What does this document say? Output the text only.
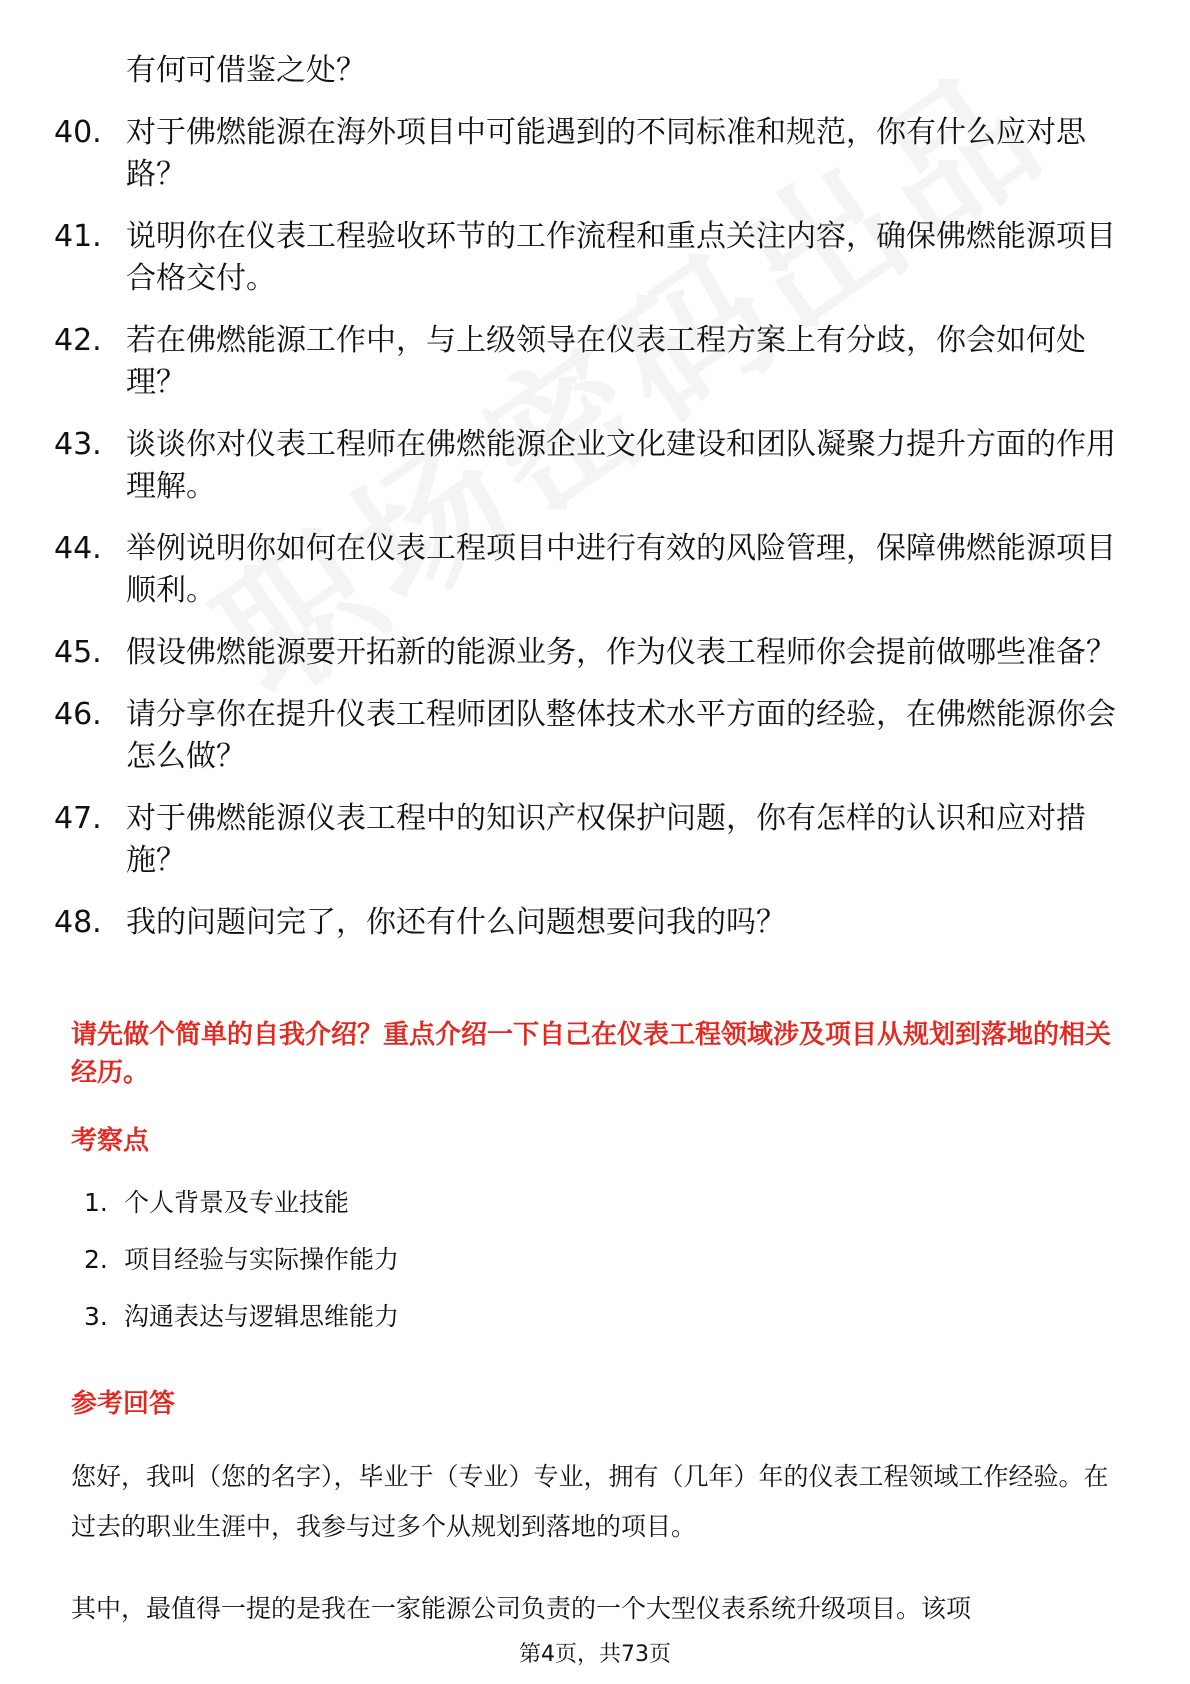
有何可借鉴之处？
40. 对于佛燃能源在海外项目中可能遇到的不同标准和规范，你有什么应对思路？
41. 说明你在仪表工程验收环节的工作流程和重点关注内容，确保佛燃能源项目合格交付。
42. 若在佛燃能源工作中，与上级领导在仪表工程方案上有分歧，你会如何处理？
43. 谈谈你对仪表工程师在佛燃能源企业文化建设和团队凝聚力提升方面的作用理解。
44. 举例说明你如何在仪表工程项目中进行有效的风险管理，保障佛燃能源项目顺利。
45. 假设佛燃能源要开拓新的能源业务，作为仪表工程师你会提前做哪些准备？
46. 请分享你在提升仪表工程师团队整体技术水平方面的经验，在佛燃能源你会怎么做？
47. 对于佛燃能源仪表工程中的知识产权保护问题，你有怎样的认识和应对措施？
48. 我的问题问完了，你还有什么问题想要问我的吗？
请先做个简单的自我介绍？重点介绍一下自己在仪表工程领域涉及项目从规划到落地的相关经历。
考察点
1. 个人背景及专业技能
2. 项目经验与实际操作能力
3. 沟通表达与逻辑思维能力
参考回答
您好，我叫（您的名字），毕业于（专业）专业，拥有（几年）年的仪表工程领域工作经验。在过去的职业生涯中，我参与过多个从规划到落地的项目。
其中，最值得一提的是我在一家能源公司负责的一个大型仪表系统升级项目。该项
第4页，共73页
